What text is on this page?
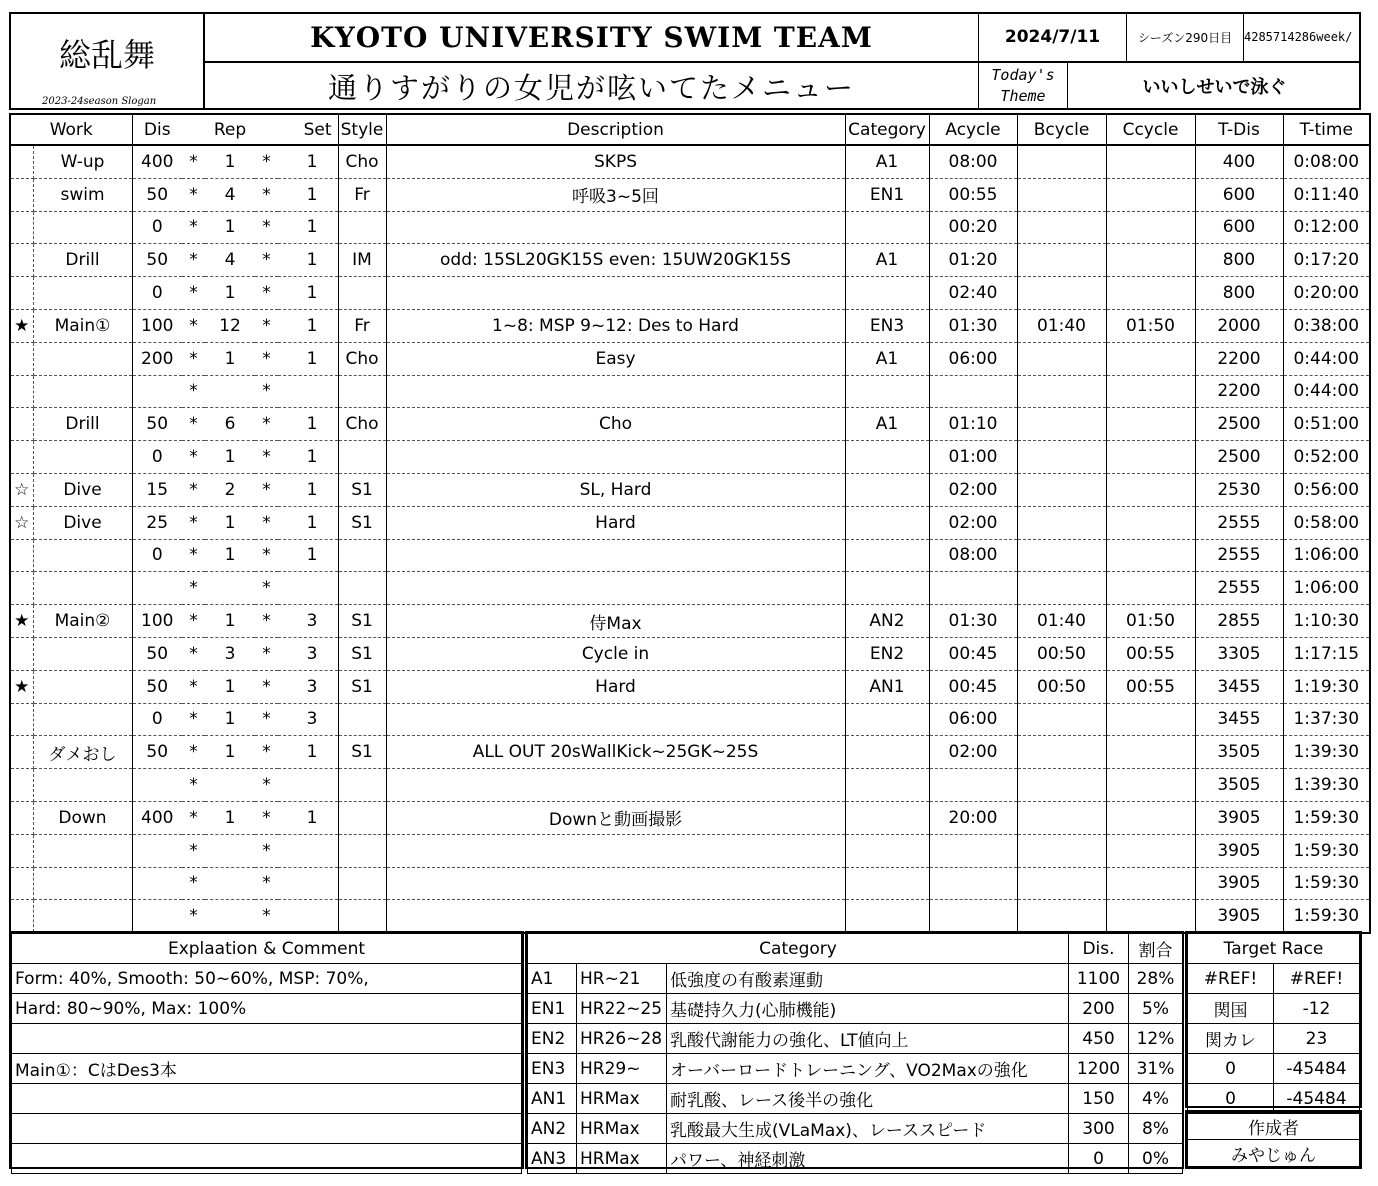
総乱舞
2023-24season Slogan
KYOTO UNIVERSITY SWIM TEAM
通りすがりの女児が呟いてたメニュー
2024/7/11	シーズン290日目 4285714286week/
Today's
Theme	いいしせいで泳ぐ
Work		Dis		Rep		Set	Style	Description	Category	Acycle	Bcycle	Ccycle	T-Dis	T-time
	W-up	400	*	1	*	1	Cho	SKPS	A1	08:00			400	0:08:00
	swim	50	*	4	*	1	Fr	呼吸3~5回	EN1	00:55			600	0:11:40
		0	*	1	*	1				00:20			600	0:12:00
	Drill	50	*	4	*	1	IM	odd: 15SL20GK15S even: 15UW20GK15S	A1	01:20			800	0:17:20
		0	*	1	*	1				02:40			800	0:20:00
★	Main①	100	*	12	*	1	Fr	1~8: MSP 9~12: Des to Hard	EN3	01:30	01:40	01:50	2000	0:38:00
		200	*	1	*	1	Cho	Easy	A1	06:00			2200	0:44:00
			*		*								2200	0:44:00
	Drill	50	*	6	*	1	Cho	Cho	A1	01:10			2500	0:51:00
		0	*	1	*	1				01:00			2500	0:52:00
☆	Dive	15	*	2	*	1	S1	SL, Hard		02:00			2530	0:56:00
☆	Dive	25	*	1	*	1	S1	Hard		02:00			2555	0:58:00
		0	*	1	*	1				08:00			2555	1:06:00
			*		*								2555	1:06:00
★	Main②	100	*	1	*	3	S1	侍Max	AN2	01:30	01:40	01:50	2855	1:10:30
		50	*	3	*	3	S1	Cycle in	EN2	00:45	00:50	00:55	3305	1:17:15
★		50	*	1	*	3	S1	Hard	AN1	00:45	00:50	00:55	3455	1:19:30
		0	*	1	*	3				06:00			3455	1:37:30
	ダメおし	50	*	1	*	1	S1	ALL OUT 20sWallKick~25GK~25S		02:00			3505	1:39:30
			*		*								3505	1:39:30
	Down	400	*	1	*	1		Downと動画撮影		20:00			3905	1:59:30
			*		*								3905	1:59:30
			*		*								3905	1:59:30
			*		*								3905	1:59:30
Explaation & Comment
Form: 40%, Smooth: 50~60%, MSP: 70%,
Hard: 80~90%, Max: 100%

Main①：CはDes3本

Category			Dis.	割合
A1	HR~21	低強度の有酸素運動	1100	28%
EN1	HR22~25	基礎持久力(心肺機能)	200	5%
EN2	HR26~28	乳酸代謝能力の強化、LT値向上	450	12%
EN3	HR29~	オーバーロードトレーニング、VO2Maxの強化	1200	31%
AN1	HRMax	耐乳酸、レース後半の強化	150	4%
AN2	HRMax	乳酸最大生成(VLaMax)、レーススピード	300	8%
AN3	HRMax	パワー、神経刺激	0	0%
Target Race	
#REF!	#REF!
関国	-12
関カレ	23
0	-45484
0	-45484
作成者
みやじゅん
